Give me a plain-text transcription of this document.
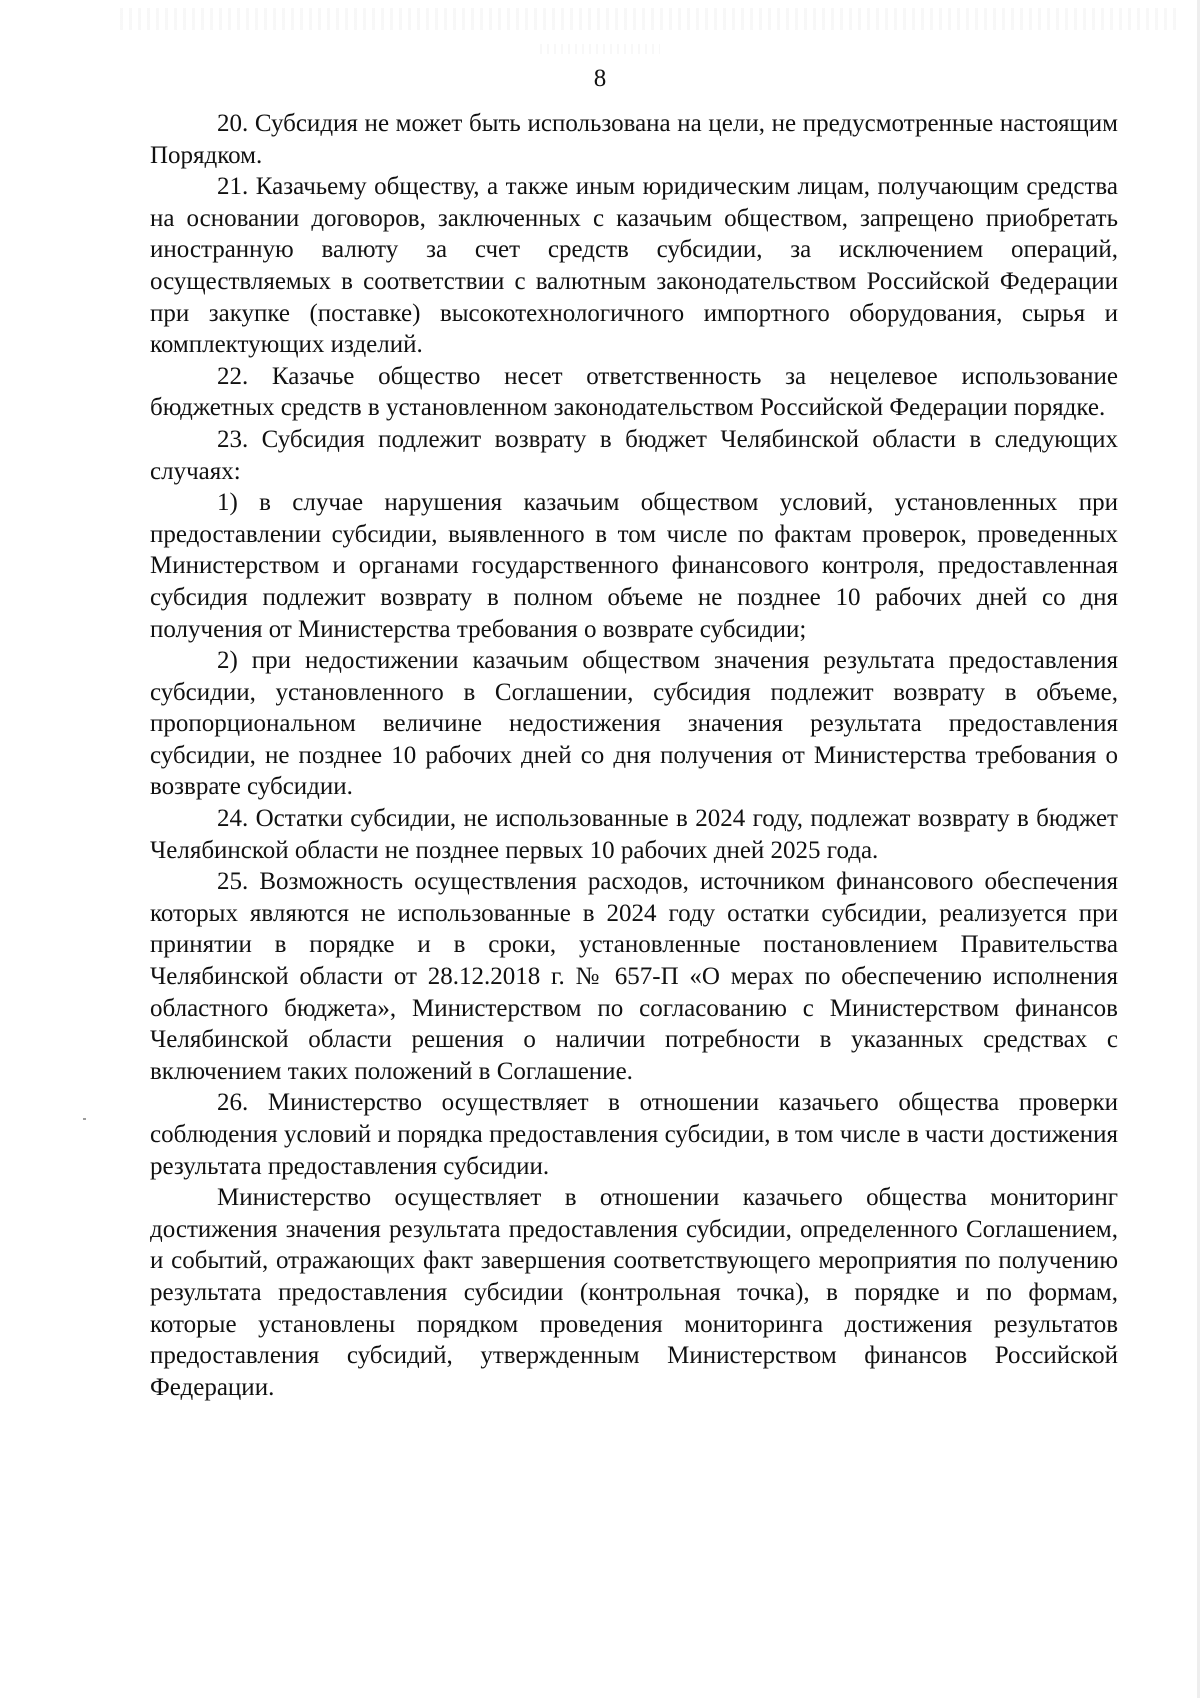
8

20. Субсидия не может быть использована на цели, не предусмотренные настоящим Порядком.

21. Казачьему обществу, а также иным юридическим лицам, получающим средства на основании договоров, заключенных с казачьим обществом, запрещено приобретать иностранную валюту за счет средств субсидии, за исключением операций, осуществляемых в соответствии с валютным законодательством Российской Федерации при закупке (поставке) высокотехнологичного импортного оборудования, сырья и комплектующих изделий.

22. Казачье общество несет ответственность за нецелевое использование бюджетных средств в установленном законодательством Российской Федерации порядке.

23. Субсидия подлежит возврату в бюджет Челябинской области в следующих случаях:

1) в случае нарушения казачьим обществом условий, установленных при предоставлении субсидии, выявленного в том числе по фактам проверок, проведенных Министерством и органами государственного финансового контроля, предоставленная субсидия подлежит возврату в полном объеме не позднее 10 рабочих дней со дня получения от Министерства требования о возврате субсидии;

2) при недостижении казачьим обществом значения результата предоставления субсидии, установленного в Соглашении, субсидия подлежит возврату в объеме, пропорциональном величине недостижения значения результата предоставления субсидии, не позднее 10 рабочих дней со дня получения от Министерства требования о возврате субсидии.

24. Остатки субсидии, не использованные в 2024 году, подлежат возврату в бюджет Челябинской области не позднее первых 10 рабочих дней 2025 года.

25. Возможность осуществления расходов, источником финансового обеспечения которых являются не использованные в 2024 году остатки субсидии, реализуется при принятии в порядке и в сроки, установленные постановлением Правительства Челябинской области от 28.12.2018 г. № 657-П «О мерах по обеспечению исполнения областного бюджета», Министерством по согласованию с Министерством финансов Челябинской области решения о наличии потребности в указанных средствах с включением таких положений в Соглашение.

26. Министерство осуществляет в отношении казачьего общества проверки соблюдения условий и порядка предоставления субсидии, в том числе в части достижения результата предоставления субсидии.

Министерство осуществляет в отношении казачьего общества мониторинг достижения значения результата предоставления субсидии, определенного Соглашением, и событий, отражающих факт завершения соответствующего мероприятия по получению результата предоставления субсидии (контрольная точка), в порядке и по формам, которые установлены порядком проведения мониторинга достижения результатов предоставления субсидий, утвержденным Министерством финансов Российской Федерации.
